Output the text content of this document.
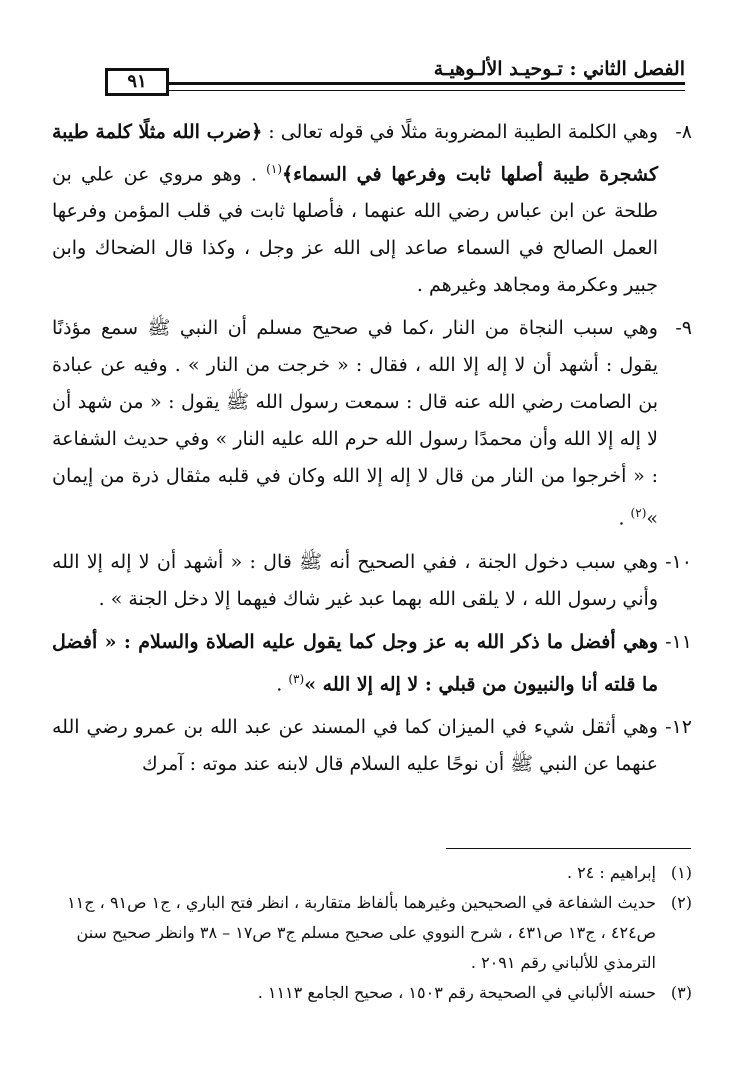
الفصل الثاني : تـوحيـد الألـوهيـة
٩١

٨-
وهي الكلمة الطيبة المضروبة مثلًا في قوله تعالى : ﴿ضرب الله مثلًا كلمة طيبة كشجرة طيبة أصلها ثابت وفرعها في السماء﴾$^{(١)}$ . وهو مروي عن علي بن طلحة عن ابن عباس رضي الله عنهما ، فأصلها ثابت في قلب المؤمن وفرعها العمل الصالح في السماء صاعد إلى الله عز وجل ، وكذا قال الضحاك وابن جبير وعكرمة ومجاهد وغيرهم .

٩-
وهي سبب النجاة من النار ،كما في صحيح مسلم أن النبي ﷺ سمع مؤذنًا يقول : أشهد أن لا إله إلا الله ، فقال : « خرجت من النار » . وفيه عن عبادة بن الصامت رضي الله عنه قال : سمعت رسول الله ﷺ يقول : « من شهد أن لا إله إلا الله وأن محمدًا رسول الله حرم الله عليه النار » وفي حديث الشفاعة : « أخرجوا من النار من قال لا إله إلا الله وكان في قلبه مثقال ذرة من إيمان »$^{(٢)}$ .

١٠-
وهي سبب دخول الجنة ، ففي الصحيح أنه ﷺ قال : « أشهد أن لا إله إلا الله وأني رسول الله ، لا يلقى الله بهما عبد غير شاك فيهما إلا دخل الجنة » .

١١-
وهي أفضل ما ذكر الله به عز وجل كما يقول عليه الصلاة والسلام : « أفضل ما قلته أنا والنبيون من قبلي : لا إله إلا الله »$^{(٣)}$ .

١٢-
وهي أثقل شيء في الميزان كما في المسند عن عبد الله بن عمرو رضي الله عنهما عن النبي ﷺ أن نوحًا عليه السلام قال لابنه عند موته : آمرك

(١)
إبراهيم : ٢٤ .

(٢)
حديث الشفاعة في الصحيحين وغيرهما بألفاظ متقاربة ، انظر فتح الباري ، ج١ ص٩١ ، ج١١ ص٤٢٤ ، ج١٣ ص٤٣١ ، شرح النووي على صحيح مسلم ج٣ ص١٧ – ٣٨ وانظر صحيح سنن الترمذي للألباني رقم ٢٠٩١ .

(٣)
حسنه الألباني في الصحيحة رقم ١٥٠٣ ، صحيح الجامع ١١١٣ .
